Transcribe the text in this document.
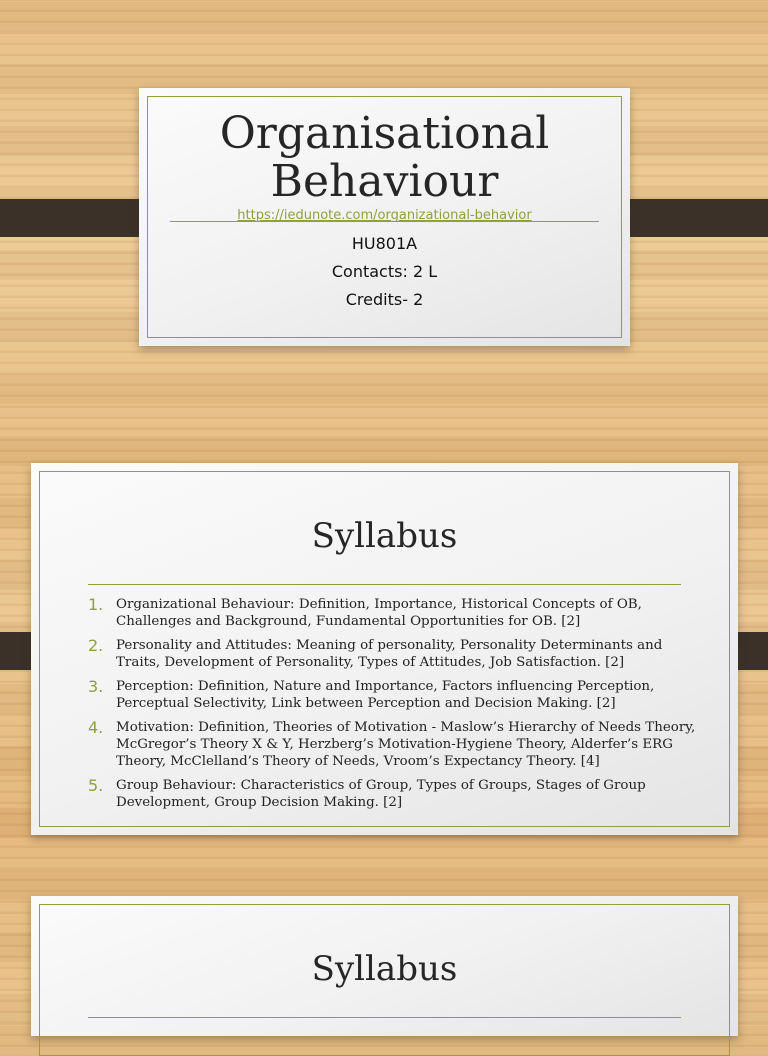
Organisational
Behaviour
https://iedunote.com/organizational-behavior
HU801A
Contacts: 2 L
Credits- 2
Syllabus
1. Organizational Behaviour: Definition, Importance, Historical Concepts of OB, Challenges and Background, Fundamental Opportunities for OB. [2]
2. Personality and Attitudes: Meaning of personality, Personality Determinants and Traits, Development of Personality, Types of Attitudes, Job Satisfaction. [2]
3. Perception: Definition, Nature and Importance, Factors influencing Perception, Perceptual Selectivity, Link between Perception and Decision Making. [2]
4. Motivation: Definition, Theories of Motivation - Maslow’s Hierarchy of Needs Theory, McGregor’s Theory X & Y, Herzberg’s Motivation-Hygiene Theory, Alderfer’s ERG Theory, McClelland’s Theory of Needs, Vroom’s Expectancy Theory. [4]
5. Group Behaviour: Characteristics of Group, Types of Groups, Stages of Group Development, Group Decision Making. [2]
Syllabus
